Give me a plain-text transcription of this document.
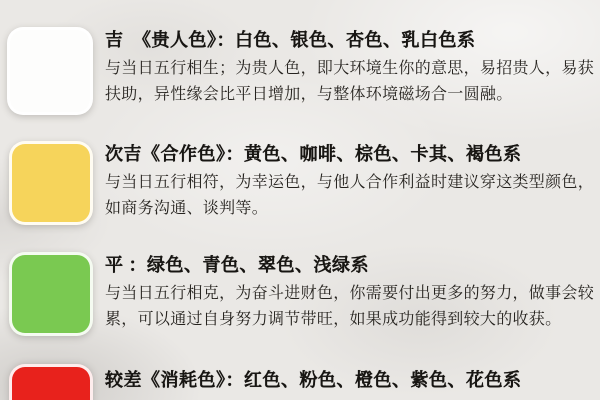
吉　《贵人色》：白色、银色、杏色、乳白色系
与当日五行相生；为贵人色，即大环境生你的意思，易招贵人，易获扶助，异性缘会比平日增加，与整体环境磁场合一圆融。
次吉《合作色》：黄色、咖啡、棕色、卡其、褐色系
与当日五行相符，为幸运色，与他人合作利益时建议穿这类型颜色，如商务沟通、谈判等。
平 ：绿色、青色、翠色、浅绿系
与当日五行相克，为奋斗进财色，你需要付出更多的努力，做事会较累，可以通过自身努力调节带旺，如果成功能得到较大的收获。
较差《消耗色》：红色、粉色、橙色、紫色、花色系
